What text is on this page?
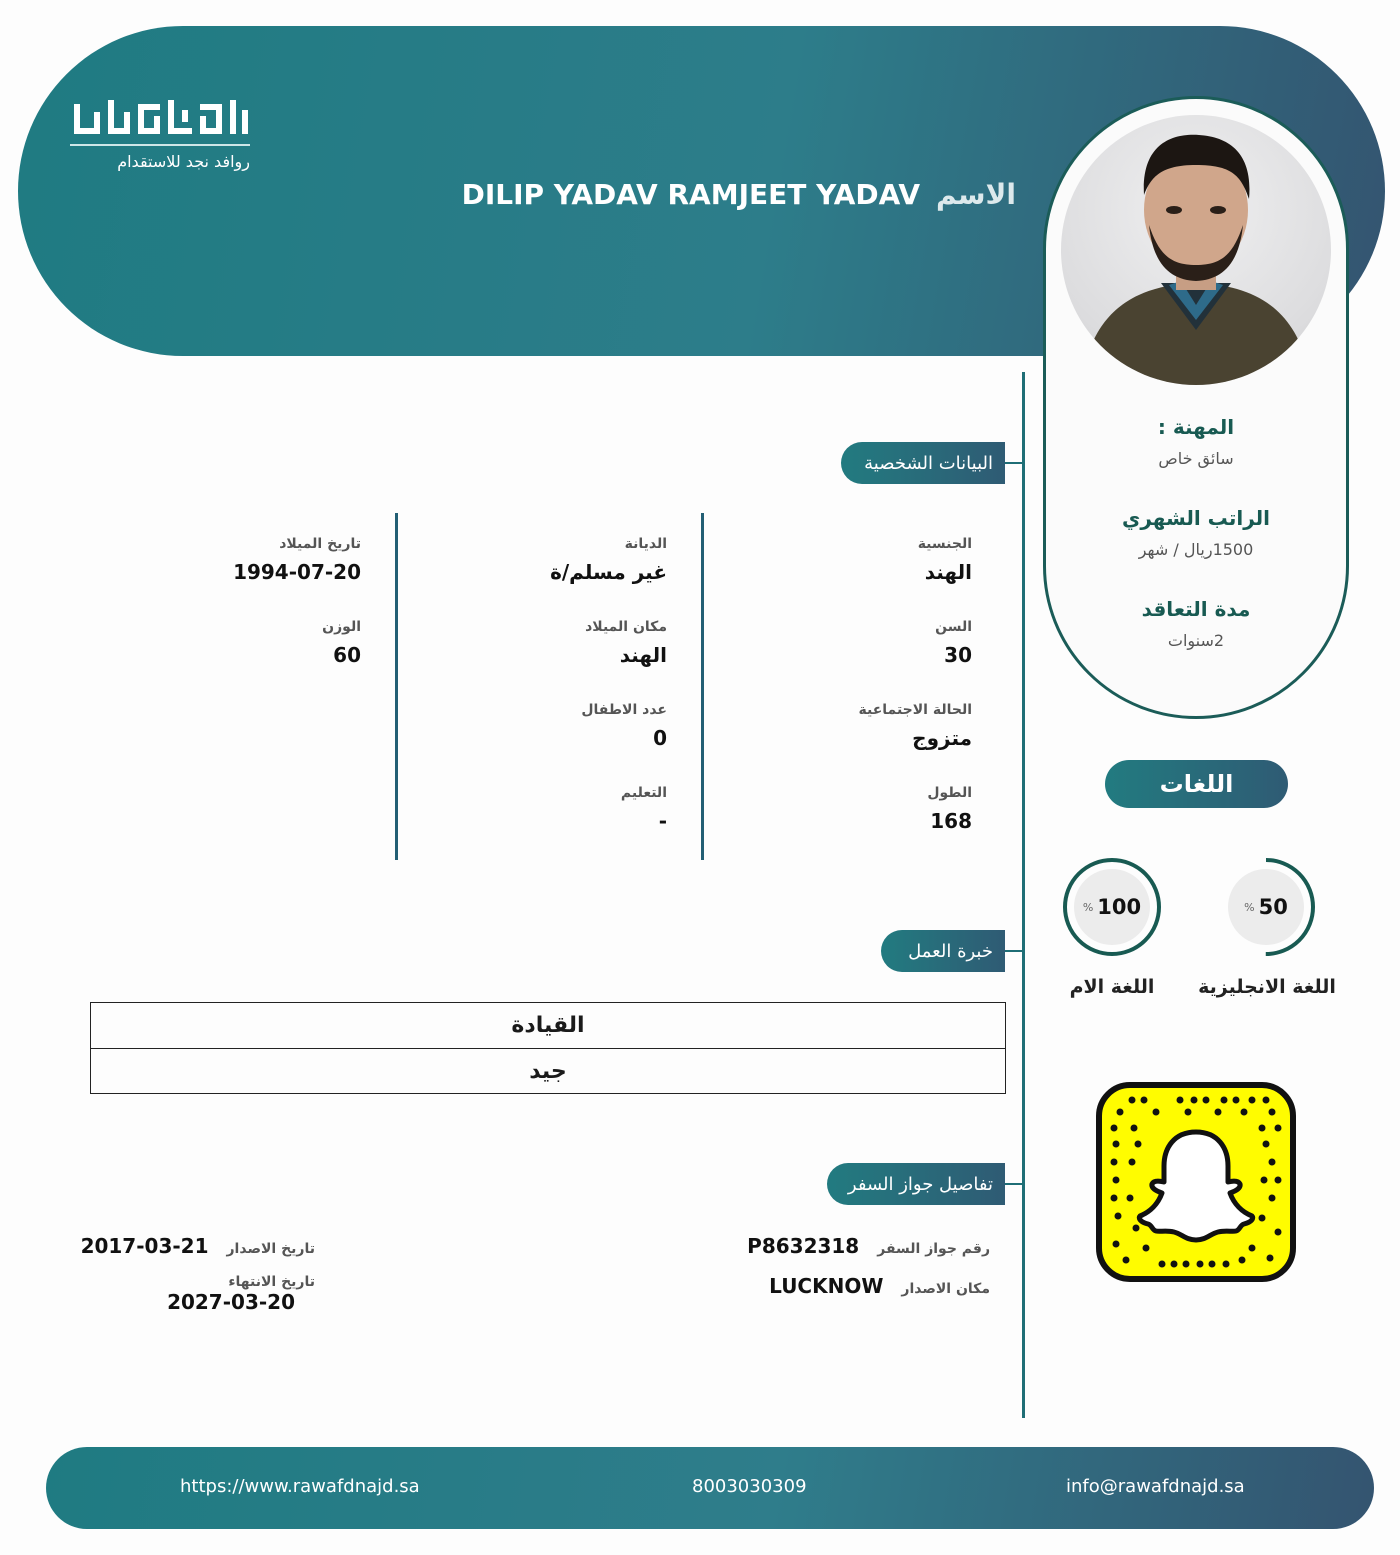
روافد نجد للاستقدام
الاسم
DILIP YADAV RAMJEET YADAV
المهنة :
سائق خاص
الراتب الشهري
1500ريال / شهر
مدة التعاقد
2سنوات
البيانات الشخصية
الجنسية
الهند
السن
30
الحالة الاجتماعية
متزوج
الطول
168
الديانة
غير مسلم/ة
مكان الميلاد
الهند
عدد الاطفال
0
التعليم
-
تاريخ الميلاد
1994-07-20
الوزن
60
اللغات
% 50
اللغة الانجليزية
% 100
اللغة الام
خبرة العمل
القيادة
جيد
تفاصيل جواز السفر
رقم جواز السفر
P8632318
مكان الاصدار
LUCKNOW
تاريخ الاصدار
2017-03-21
تاريخ الانتهاء
2027-03-20
https://www.rawafdnajd.sa	8003030309	info@rawafdnajd.sa
